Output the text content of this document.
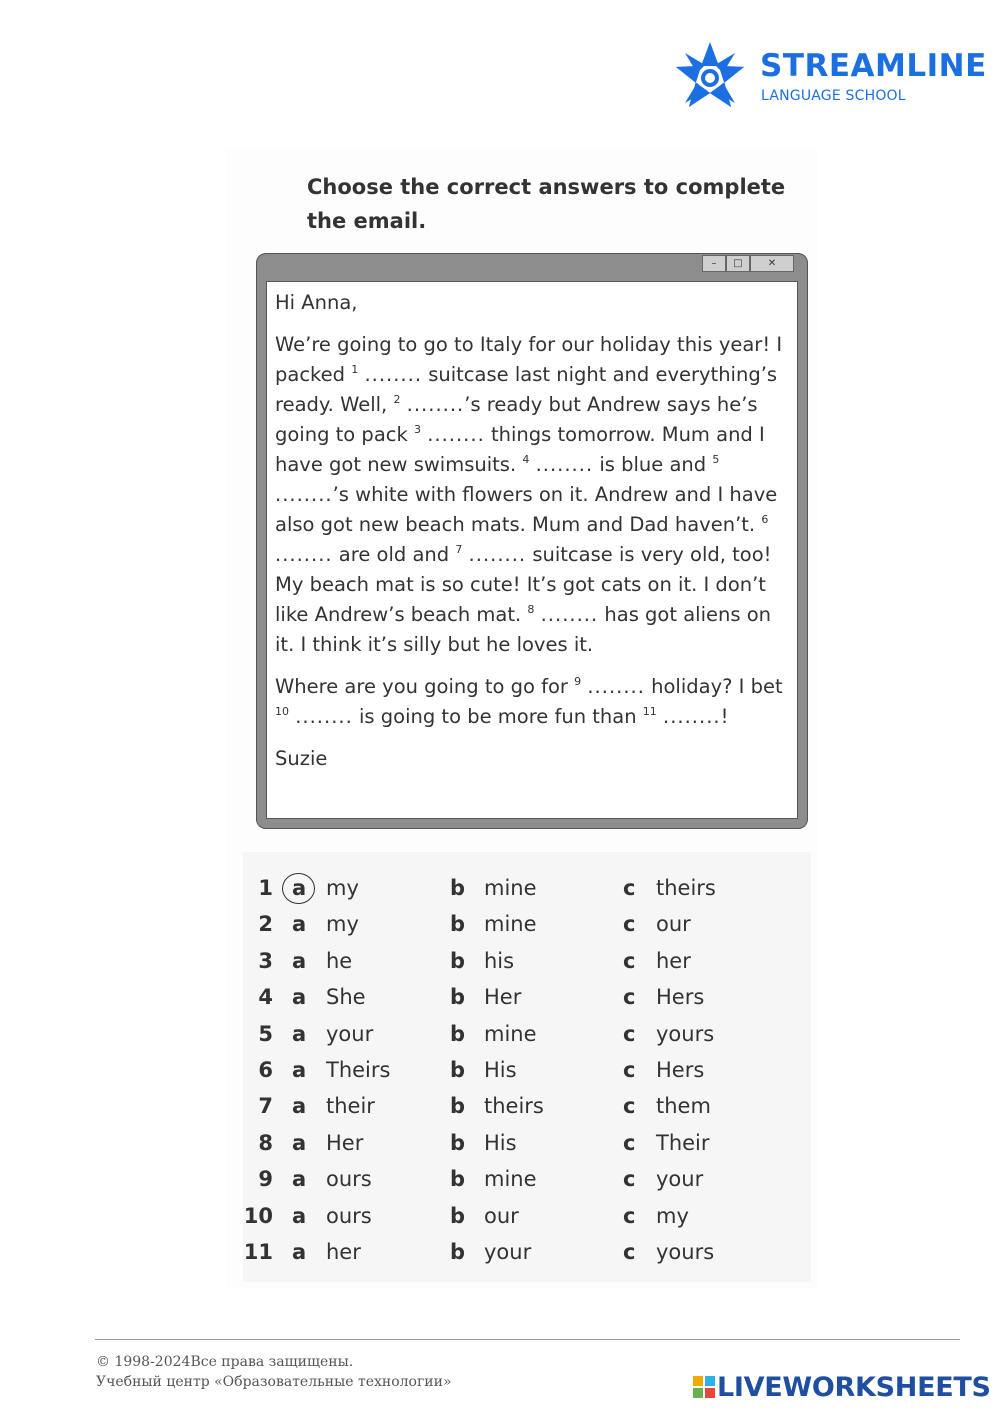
STREAMLINE
LANGUAGE SCHOOL
Choose the correct answers to complete the email.
–	□	✕

Hi Anna,

We’re going to go to Italy for our holiday this year! I packed $^1$ ........ suitcase last night and everything’s ready. Well, $^2$ ........’s ready but Andrew says he’s going to pack $^3$ ........ things tomorrow. Mum and I have got new swimsuits. $^4$ ........ is blue and $^5$ ........’s white with flowers on it. Andrew and I have also got new beach mats. Mum and Dad haven’t. $^6$ ........ are old and $^7$ ........ suitcase is very old, too! My beach mat is so cute! It’s got cats on it. I don’t like Andrew’s beach mat. $^8$ ........ has got aliens on it. I think it’s silly but he loves it.

Where are you going to go for $^9$ ........ holiday? I bet $^{10}$ ........ is going to be more fun than $^{11}$ ........!

Suzie

1 a my	b mine	c theirs
2 a my	b mine	c our
3 a he	b his	c her
4 a She	b Her	c Hers
5 a your	b mine	c yours
6 a Theirs	b His	c Hers
7 a their	b theirs	c them
8 a Her	b His	c Their
9 a ours	b mine	c your
10 a ours	b our	c my
11 a her	b your	c yours
© 1998-2024Все права защищены.
Учебный центр «Образовательные технологии»	LIVEWORKSHEETS
